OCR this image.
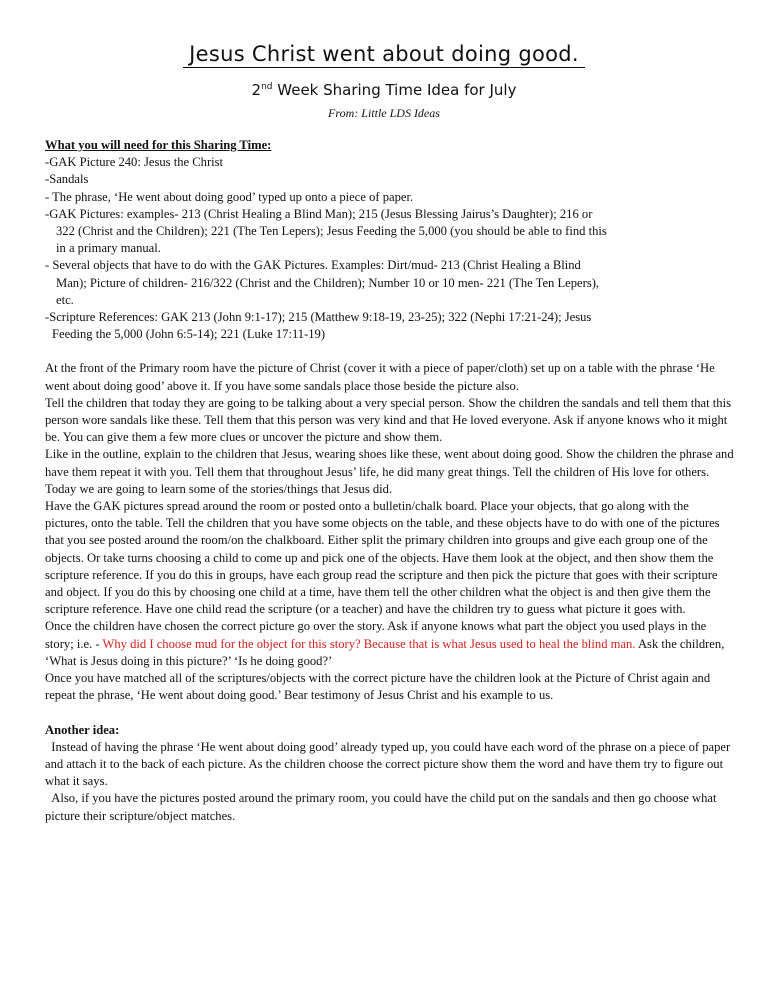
Jesus Christ went about doing good.
2nd Week Sharing Time Idea for July
From: Little LDS Ideas

What you will need for this Sharing Time:

-GAK Picture 240: Jesus the Christ

-Sandals

- The phrase, ‘He went about doing good’ typed up onto a piece of paper.

-GAK Pictures: examples- 213 (Christ Healing a Blind Man); 215 (Jesus Blessing Jairus’s Daughter); 216 or

322 (Christ and the Children); 221 (The Ten Lepers); Jesus Feeding the 5,000 (you should be able to find this

in a primary manual.

- Several objects that have to do with the GAK Pictures. Examples: Dirt/mud- 213 (Christ Healing a Blind

Man); Picture of children- 216/322 (Christ and the Children); Number 10 or 10 men- 221 (The Ten Lepers),

etc.

-Scripture References: GAK 213 (John 9:1-17); 215 (Matthew 9:18-19, 23-25); 322 (Nephi 17:21-24); Jesus

Feeding the 5,000 (John 6:5-14); 221 (Luke 17:11-19)

At the front of the Primary room have the picture of Christ (cover it with a piece of paper/cloth) set up on a table with the phrase ‘He went about doing good’ above it. If you have some sandals place those beside the picture also.

Tell the children that today they are going to be talking about a very special person. Show the children the sandals and tell them that this person wore sandals like these. Tell them that this person was very kind and that He loved everyone. Ask if anyone knows who it might be. You can give them a few more clues or uncover the picture and show them.

Like in the outline, explain to the children that Jesus, wearing shoes like these, went about doing good. Show the children the phrase and have them repeat it with you. Tell them that throughout Jesus’ life, he did many great things. Tell the children of His love for others. Today we are going to learn some of the stories/things that Jesus did.

Have the GAK pictures spread around the room or posted onto a bulletin/chalk board. Place your objects, that go along with the pictures, onto the table. Tell the children that you have some objects on the table, and these objects have to do with one of the pictures that you see posted around the room/on the chalkboard. Either split the primary children into groups and give each group one of the objects. Or take turns choosing a child to come up and pick one of the objects. Have them look at the object, and then show them the scripture reference. If you do this in groups, have each group read the scripture and then pick the picture that goes with their scripture and object. If you do this by choosing one child at a time, have them tell the other children what the object is and then give them the scripture reference. Have one child read the scripture (or a teacher) and have the children try to guess what picture it goes with.

Once the children have chosen the correct picture go over the story. Ask if anyone knows what part the object you used plays in the story; i.e. - Why did I choose mud for the object for this story? Because that is what Jesus used to heal the blind man. Ask the children, ‘What is Jesus doing in this picture?’ ‘Is he doing good?’

Once you have matched all of the scriptures/objects with the correct picture have the children look at the Picture of Christ again and repeat the phrase, ‘He went about doing good.’ Bear testimony of Jesus Christ and his example to us.

Another idea:

Instead of having the phrase ‘He went about doing good’ already typed up, you could have each word of the phrase on a piece of paper and attach it to the back of each picture. As the children choose the correct picture show them the word and have them try to figure out what it says.

Also, if you have the pictures posted around the primary room, you could have the child put on the sandals and then go choose what picture their scripture/object matches.
